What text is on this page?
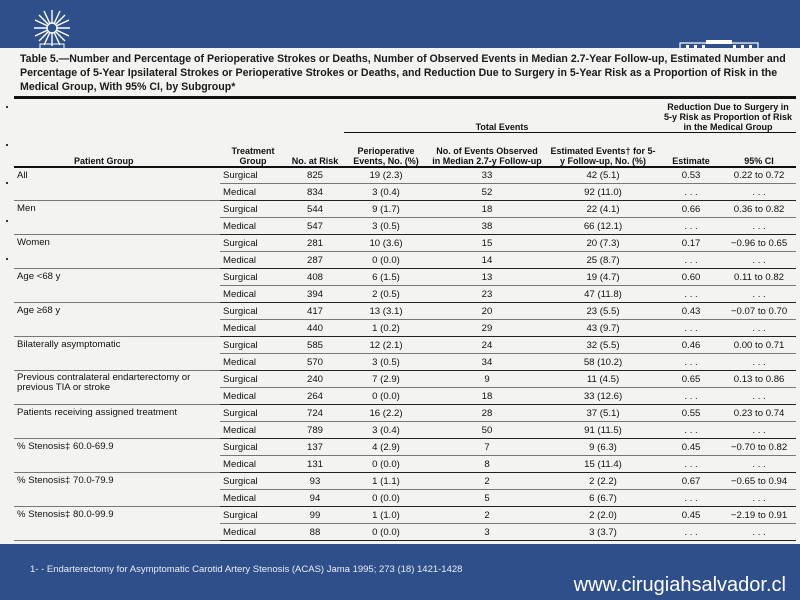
Table 5.—Number and Percentage of Perioperative Strokes or Deaths, Number of Observed Events in Median 2.7-Year Follow-up, Estimated Number and Percentage of 5-Year Ipsilateral Strokes or Perioperative Strokes or Deaths, and Reduction Due to Surgery in 5-Year Risk as a Proportion of Risk in the Medical Group, With 95% CI, by Subgroup*
			Total Events			Reduction Due to Surgery in 5-y Risk as Proportion of Risk in the Medical Group	
Patient Group	Treatment Group	No. at Risk	Perioperative Events, No. (%)	No. of Events Observed in Median 2.7-y Follow-up	Estimated Events† for 5-y Follow-up, No. (%)	Estimate	95% CI
All	Surgical	825	19 (2.3)	33	42 (5.1)	0.53	0.22 to 0.72
	Medical	834	3 (0.4)	52	92 (11.0)	. . .	. . .
Men	Surgical	544	9 (1.7)	18	22 (4.1)	0.66	0.36 to 0.82
	Medical	547	3 (0.5)	38	66 (12.1)	. . .	. . .
Women	Surgical	281	10 (3.6)	15	20 (7.3)	0.17	−0.96 to 0.65
	Medical	287	0 (0.0)	14	25 (8.7)	. . .	. . .
Age <68 y	Surgical	408	6 (1.5)	13	19 (4.7)	0.60	0.11 to 0.82
	Medical	394	2 (0.5)	23	47 (11.8)	. . .	. . .
Age ≥68 y	Surgical	417	13 (3.1)	20	23 (5.5)	0.43	−0.07 to 0.70
	Medical	440	1 (0.2)	29	43 (9.7)	. . .	. . .
Bilaterally asymptomatic	Surgical	585	12 (2.1)	24	32 (5.5)	0.46	0.00 to 0.71
	Medical	570	3 (0.5)	34	58 (10.2)	. . .	. . .
Previous contralateral endarterectomy or previous TIA or stroke	Surgical	240	7 (2.9)	9	11 (4.5)	0.65	0.13 to 0.86
	Medical	264	0 (0.0)	18	33 (12.6)	. . .	. . .
Patients receiving assigned treatment	Surgical	724	16 (2.2)	28	37 (5.1)	0.55	0.23 to 0.74
	Medical	789	3 (0.4)	50	91 (11.5)	. . .	. . .
% Stenosis‡ 60.0-69.9	Surgical	137	4 (2.9)	7	9 (6.3)	0.45	−0.70 to 0.82
	Medical	131	0 (0.0)	8	15 (11.4)	. . .	. . .
% Stenosis‡ 70.0-79.9	Surgical	93	1 (1.1)	2	2 (2.2)	0.67	−0.65 to 0.94
	Medical	94	0 (0.0)	5	6 (6.7)	. . .	. . .
% Stenosis‡ 80.0-99.9	Surgical	99	1 (1.0)	2	2 (2.0)	0.45	−2.19 to 0.91
	Medical	88	0 (0.0)	3	3 (3.7)	. . .	. . .
1- - Endarterectomy for Asymptomatic Carotid Artery Stenosis (ACAS) Jama 1995; 273 (18) 1421-1428
www.cirugiahsalvador.cl
